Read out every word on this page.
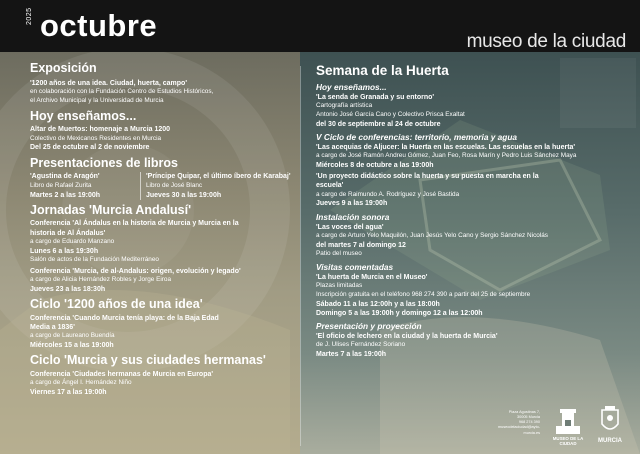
2025 octubre	museo de la ciudad
Exposición
'1200 años de una idea. Ciudad, huerta, campo'
en colaboración con la Fundación Centro de Estudios Históricos,
el Archivo Municipal y la Universidad de Murcia
Hoy enseñamos...
Altar de Muertos: homenaje a Murcia 1200
Colectivo de Mexicanos Residentes en Murcia
Del 25 de octubre al 2 de noviembre
Presentaciones de libros
'Agustina de Aragón'
Libro de Rafael Zurita
Martes 2 a las 19:00h
'Príncipe Quipar, el último íbero de Karabaj'
Libro de José Blanc
Jueves 30 a las 19:00h
Jornadas 'Murcia Andalusí'
Conferencia 'Al Ándalus en la historia de Murcia y Murcia en la
historia de Al Ándalus'
a cargo de Eduardo Manzano
Lunes 6 a las 19:30h
Salón de actos de la Fundación Mediterráneo
Conferencia 'Murcia, de al-Andalus: origen, evolución y legado'
a cargo de Alicia Hernández Robles y Jorge Eiroa
Jueves 23 a las 18:30h
Ciclo '1200 años de una idea'
Conferencia 'Cuando Murcia tenía playa: de la Baja Edad
Media a 1836'
a cargo de Laureano Buendía
Miércoles 15 a las 19:00h
Ciclo 'Murcia y sus ciudades hermanas'
Conferencia 'Ciudades hermanas de Murcia en Europa'
a cargo de Ángel I. Hernández Niño
Viernes 17 a las 19:00h
Semana de la Huerta
Hoy enseñamos...
'La senda de Granada y su entorno'
Cartografía artística
Antonio José García Cano y Colectivo Prisca Exaltat
del 30 de septiembre al 24 de octubre
V Ciclo de conferencias: territorio, memoria y agua
'Las acequias de Aljucer: la Huerta en las escuelas. Las escuelas en la huerta'
a cargo de José Ramón Andreu Gómez, Juan Feo, Rosa Marín y Pedro Luis Sánchez Maya
Miércoles 8 de octubre a las 19:00h
'Un proyecto didáctico sobre la huerta y su puesta en marcha en la
escuela'
a cargo de Raimundo A. Rodríguez y José Bastida
Jueves 9 a las 19:00h
Instalación sonora
'Las voces del agua'
a cargo de Arturo Yelo Maquilón, Juan Jesús Yelo Cano y Sergio Sánchez Nicolás
del martes 7 al domingo 12
Patio del museo
Visitas comentadas
'La huerta de Murcia en el Museo'
Plazas limitadas
Inscripción gratuita en el teléfono 968 274 390 a partir del 25 de septiembre
Sábado 11 a las 12:00h y a las 18:00h
Domingo 5 a las 19:00h y domingo 12 a las 12:00h
Presentación y proyección
'El oficio de lechero en la ciudad y la huerta de Murcia'
de J. Ulises Fernández Soriano
Martes 7 a las 19:00h
Plaza Agustinas 7,
30005 Murcia
968 274 390
museodelaciudad@ayto-murcia.es
MUSEO DE LA CIUDAD	MURCIA
